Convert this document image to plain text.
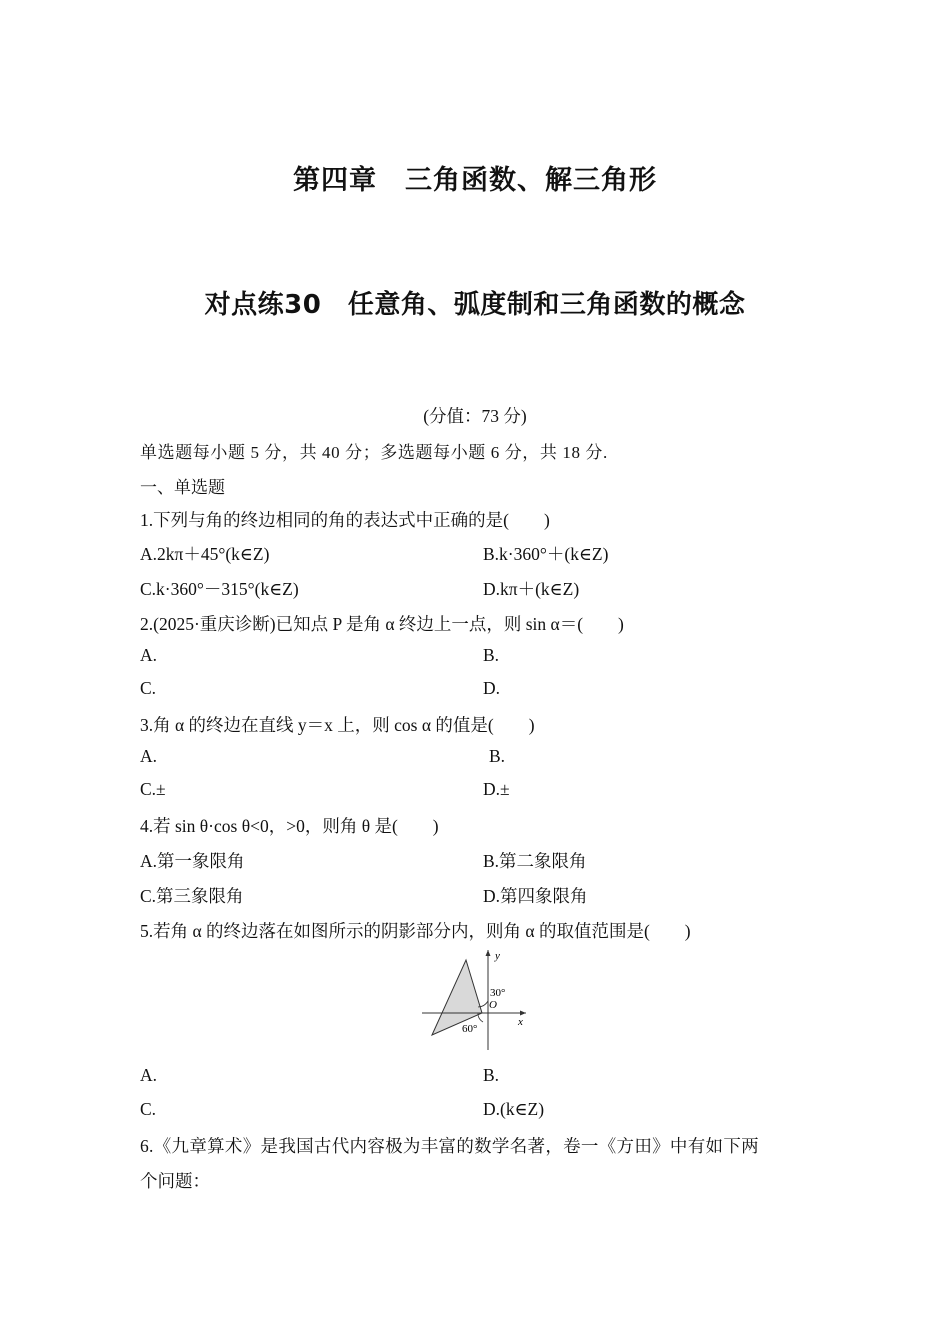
第四章　三角函数、解三角形
对点练30　任意角、弧度制和三角函数的概念
(分值：73 分)
单选题每小题 5 分，共 40 分；多选题每小题 6 分，共 18 分.
一、单选题
1.下列与角的终边相同的角的表达式中正确的是(　　)
A.2kπ＋45°(k∈Z)	B.k·360°＋(k∈Z)
C.k·360°－315°(k∈Z)	D.kπ＋(k∈Z)
2.(2025·重庆诊断)已知点 P 是角 α 终边上一点，则 sin α＝(　　)
A.	B.
C.	D.
3.角 α 的终边在直线 y＝x 上，则 cos α 的值是(　　)
A.	B.
C.±	D.±
4.若 sin θ·cos θ<0，>0，则角 θ 是(　　)
A.第一象限角	B.第二象限角
C.第三象限角	D.第四象限角
5.若角 α 的终边落在如图所示的阴影部分内，则角 α 的取值范围是(　　)
y
x
O
30°
60°
A.	B.
C.	D.(k∈Z)
6.《九章算术》是我国古代内容极为丰富的数学名著，卷一《方田》中有如下两
个问题：
